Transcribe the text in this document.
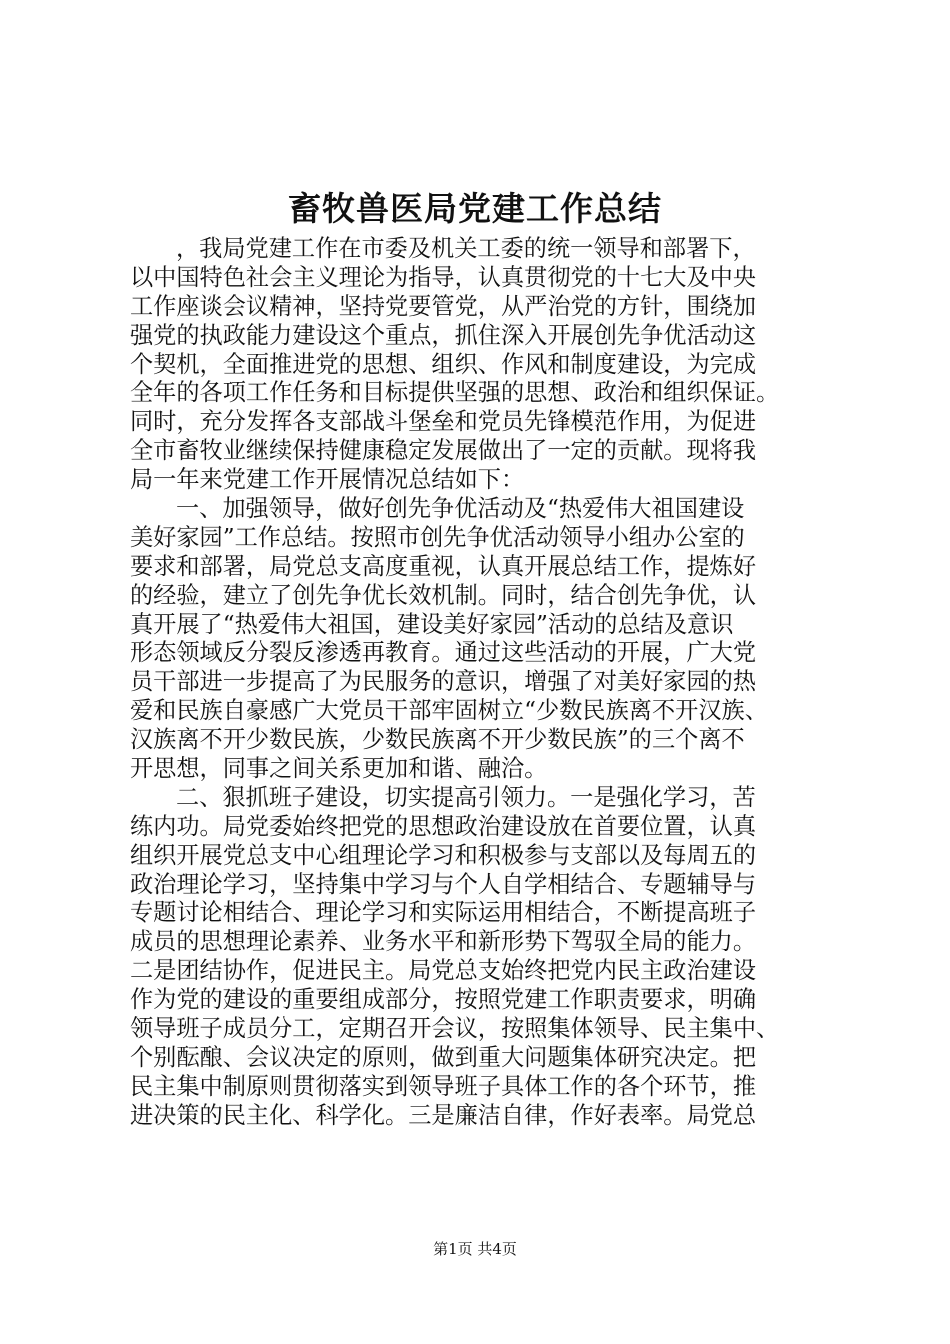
畜牧兽医局党建工作总结
，我局党建工作在市委及机关工委的统一领导和部署下，
以中国特色社会主义理论为指导，认真贯彻党的十七大及中央
工作座谈会议精神，坚持党要管党，从严治党的方针，围绕加
强党的执政能力建设这个重点，抓住深入开展创先争优活动这
个契机，全面推进党的思想、组织、作风和制度建设，为完成
全年的各项工作任务和目标提供坚强的思想、政治和组织保证。
同时，充分发挥各支部战斗堡垒和党员先锋模范作用，为促进
全市畜牧业继续保持健康稳定发展做出了一定的贡献。现将我
局一年来党建工作开展情况总结如下：
一、加强领导，做好创先争优活动及“热爱伟大祖国建设
美好家园”工作总结。按照市创先争优活动领导小组办公室的
要求和部署，局党总支高度重视，认真开展总结工作，提炼好
的经验，建立了创先争优长效机制。同时，结合创先争优，认
真开展了“热爱伟大祖国，建设美好家园”活动的总结及意识
形态领域反分裂反渗透再教育。通过这些活动的开展，广大党
员干部进一步提高了为民服务的意识，增强了对美好家园的热
爱和民族自豪感广大党员干部牢固树立“少数民族离不开汉族、
汉族离不开少数民族，少数民族离不开少数民族”的三个离不
开思想，同事之间关系更加和谐、融洽。
二、狠抓班子建设，切实提高引领力。一是强化学习，苦
练内功。局党委始终把党的思想政治建设放在首要位置，认真
组织开展党总支中心组理论学习和积极参与支部以及每周五的
政治理论学习，坚持集中学习与个人自学相结合、专题辅导与
专题讨论相结合、理论学习和实际运用相结合，不断提高班子
成员的思想理论素养、业务水平和新形势下驾驭全局的能力。
二是团结协作，促进民主。局党总支始终把党内民主政治建设
作为党的建设的重要组成部分，按照党建工作职责要求，明确
领导班子成员分工，定期召开会议，按照集体领导、民主集中、
个别酝酿、会议决定的原则，做到重大问题集体研究决定。把
民主集中制原则贯彻落实到领导班子具体工作的各个环节，推
进决策的民主化、科学化。三是廉洁自律，作好表率。局党总
第1页 共4页
